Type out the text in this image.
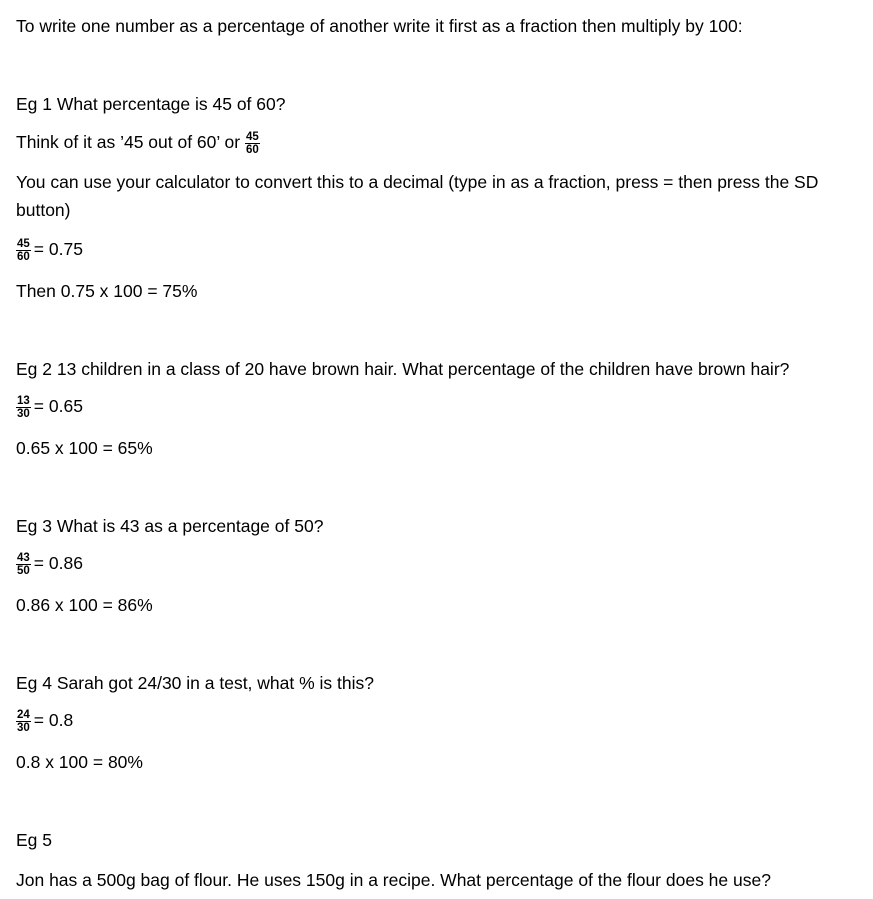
To write one number as a percentage of another write it first as a fraction then multiply by 100:
Eg 1 What percentage is 45 of 60?
Think of it as ’45 out of 60’ or $\frac{45}{60}$
You can use your calculator to convert this to a decimal (type in as a fraction, press = then press the SD button)
$\frac{45}{60} = 0.75$
Then 0.75 x 100 = 75%
Eg 2 13 children in a class of 20 have brown hair. What percentage of the children have brown hair?
$\frac{13}{30} = 0.65$
0.65 x 100 = 65%
Eg 3 What is 43 as a percentage of 50?
$\frac{43}{50} = 0.86$
0.86 x 100 = 86%
Eg 4 Sarah got 24/30 in a test, what % is this?
$\frac{24}{30} = 0.8$
0.8 x 100 = 80%
Eg 5
Jon has a 500g bag of flour. He uses 150g in a recipe. What percentage of the flour does he use?
